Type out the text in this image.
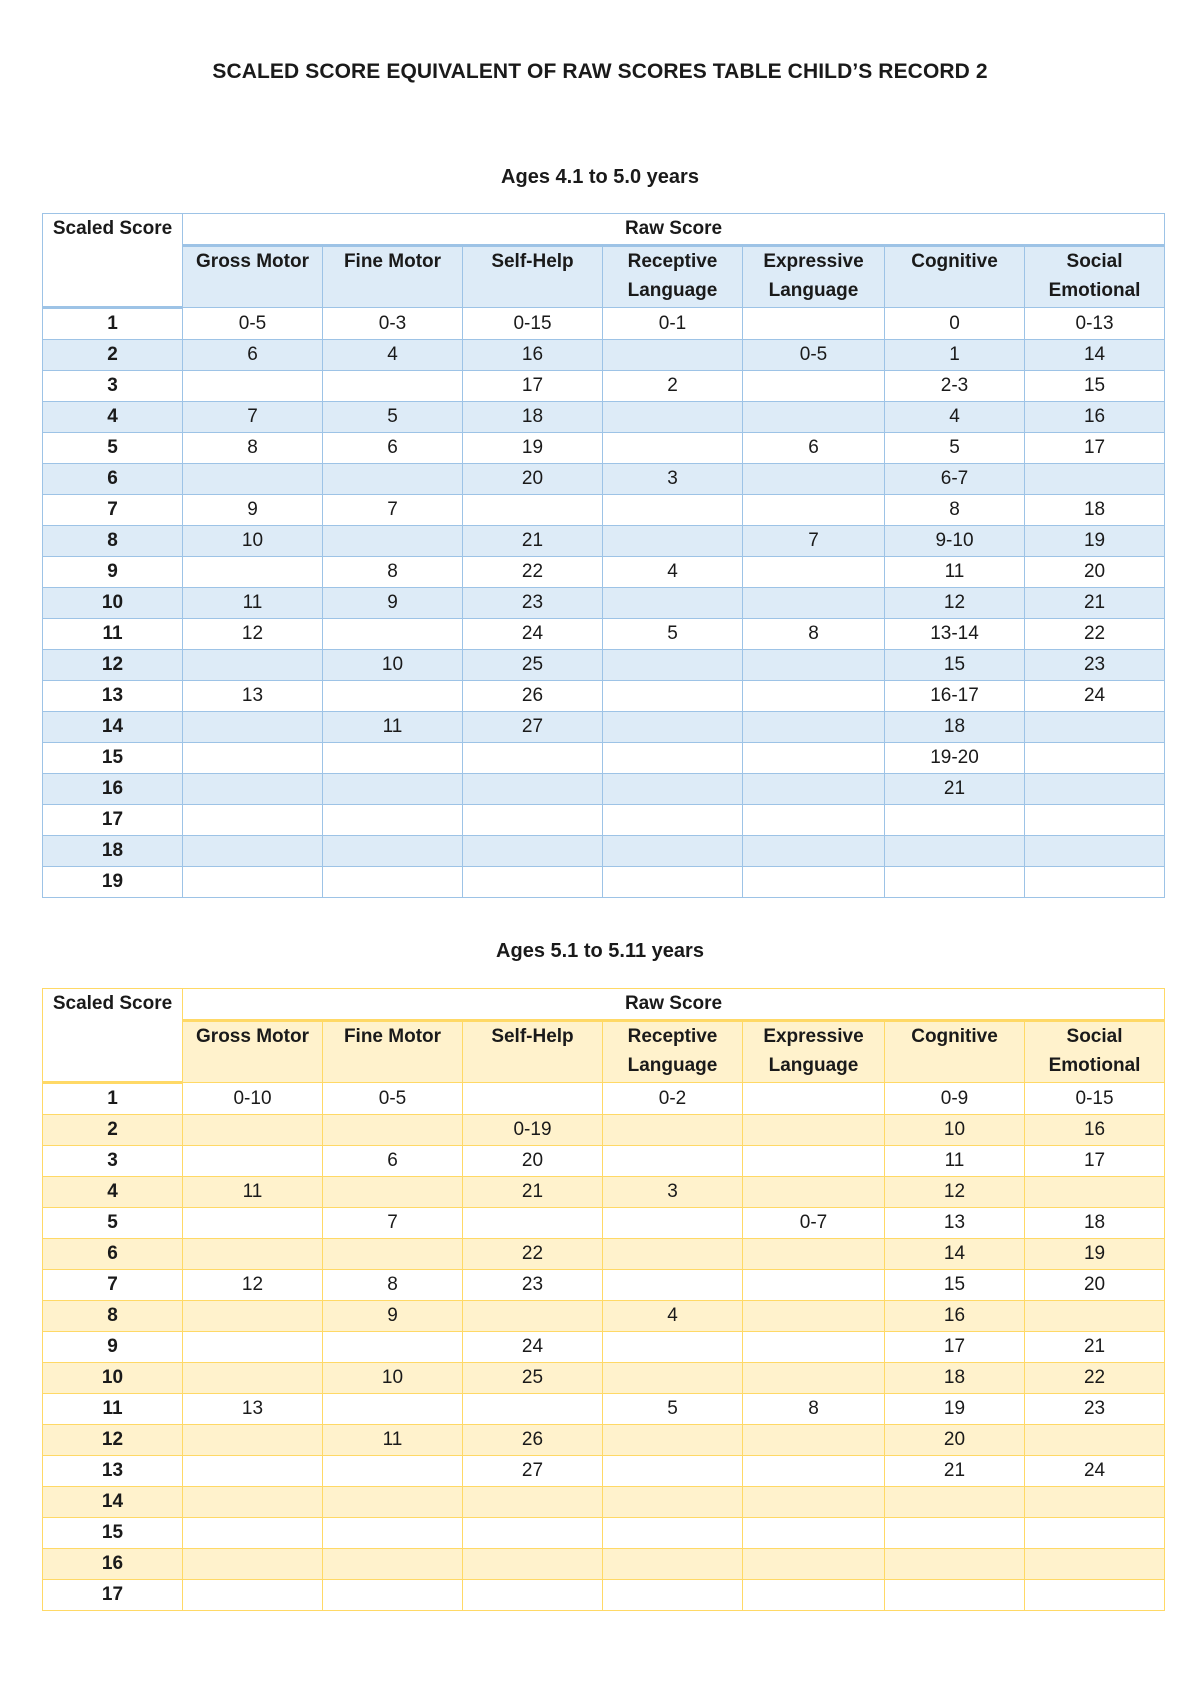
SCALED SCORE EQUIVALENT OF RAW SCORES TABLE CHILD’S RECORD 2
Ages 4.1 to 5.0 years
Scaled Score	Raw Score						
	Gross Motor	Fine Motor	Self-Help	Receptive Language	Expressive Language	Cognitive	Social Emotional
1	0-5	0-3	0-15	0-1		0	0-13
2	6	4	16		0-5	1	14
3			17	2		2-3	15
4	7	5	18			4	16
5	8	6	19		6	5	17
6			20	3		6-7	
7	9	7				8	18
8	10		21		7	9-10	19
9		8	22	4		11	20
10	11	9	23			12	21
11	12		24	5	8	13-14	22
12		10	25			15	23
13	13		26			16-17	24
14		11	27			18	
15						19-20	
16						21	
17							
18							
19							
Ages 5.1 to 5.11 years
Scaled Score	Raw Score						
	Gross Motor	Fine Motor	Self-Help	Receptive Language	Expressive Language	Cognitive	Social Emotional
1	0-10	0-5		0-2		0-9	0-15
2			0-19			10	16
3		6	20			11	17
4	11		21	3		12	
5		7			0-7	13	18
6			22			14	19
7	12	8	23			15	20
8		9		4		16	
9			24			17	21
10		10	25			18	22
11	13			5	8	19	23
12		11	26			20	
13			27			21	24
14							
15							
16							
17							
